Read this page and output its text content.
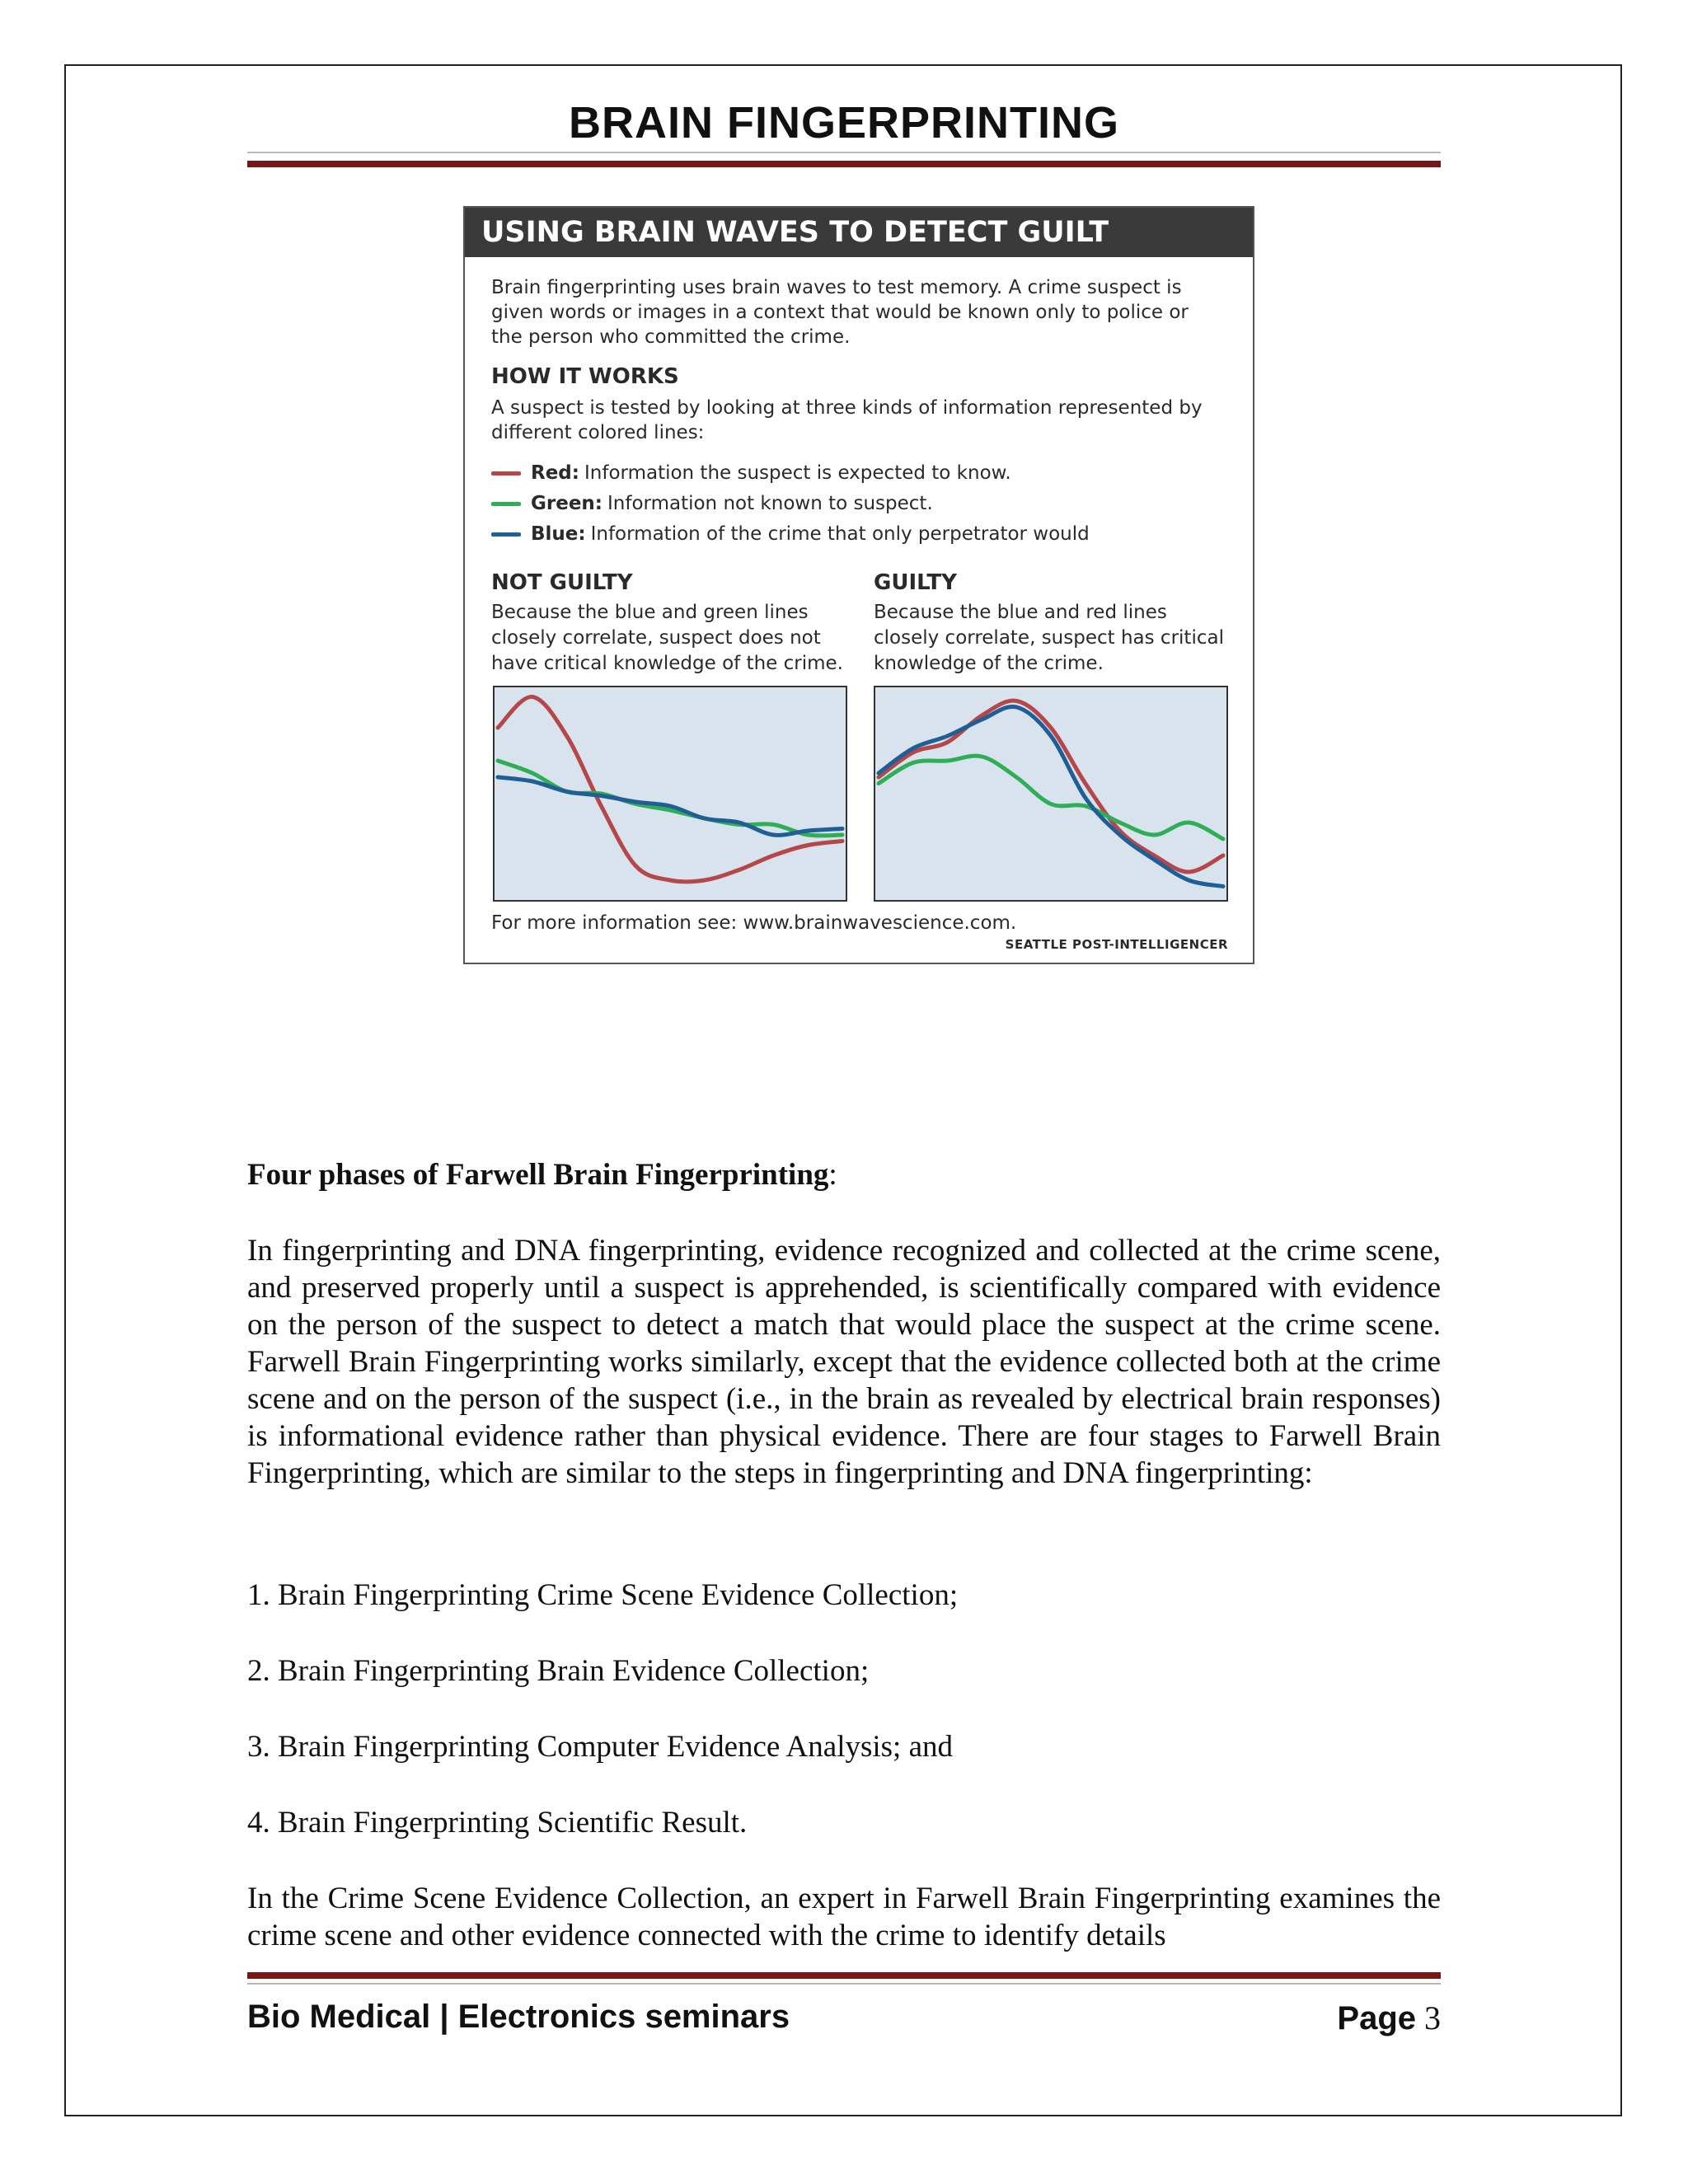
BRAIN FINGERPRINTING
USING BRAIN WAVES TO DETECT GUILT
Brain fingerprinting uses brain waves to test memory. A crime suspect is
given words or images in a context that would be known only to police or
the person who committed the crime.
HOW IT WORKS
A suspect is tested by looking at three kinds of information represented by
different colored lines:
Red: Information the suspect is expected to know.
Green: Information not known to suspect.
Blue: Information of the crime that only perpetrator would
NOT GUILTY
Because the blue and green lines
closely correlate, suspect does not
have critical knowledge of the crime.
GUILTY
Because the blue and red lines
closely correlate, suspect has critical
knowledge of the crime.
For more information see: www.brainwavescience.com.
SEATTLE POST-INTELLIGENCER
Four phases of Farwell Brain Fingerprinting:
In fingerprinting and DNA fingerprinting, evidence recognized and collected at the crime scene, and preserved properly until a suspect is apprehended, is scientifically compared with evidence on the person of the suspect to detect a match that would place the suspect at the crime scene. Farwell Brain Fingerprinting works similarly, except that the evidence collected both at the crime scene and on the person of the suspect (i.e., in the brain as revealed by electrical brain responses) is informational evidence rather than physical evidence. There are four stages to Farwell Brain Fingerprinting, which are similar to the steps in fingerprinting and DNA fingerprinting:
1. Brain Fingerprinting Crime Scene Evidence Collection;
2. Brain Fingerprinting Brain Evidence Collection;
3. Brain Fingerprinting Computer Evidence Analysis; and
4. Brain Fingerprinting Scientific Result.
In the Crime Scene Evidence Collection, an expert in Farwell Brain Fingerprinting examines the crime scene and other evidence connected with the crime to identify details
Bio Medical | Electronics seminars	Page 3
